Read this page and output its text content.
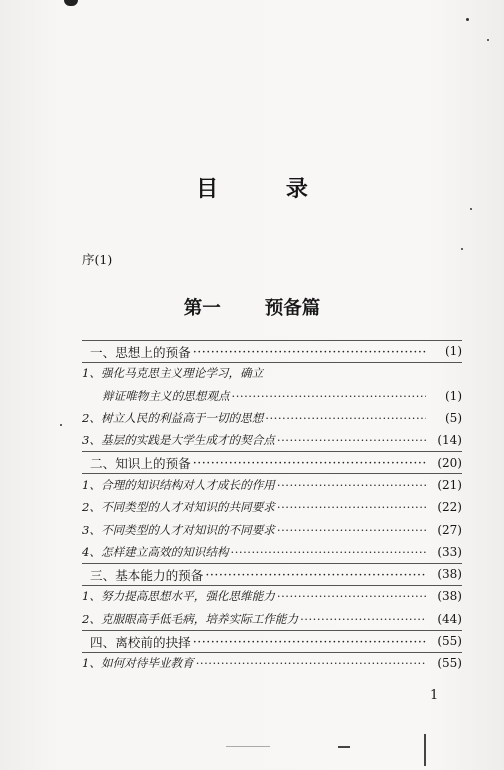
目 录
序 (1)
第一 预备篇
一、思想上的预备 ·····	(1)
1、强化马克思主义理论学习，确立
辩证唯物主义的思想观点 ·····	(1)
2、树立人民的利益高于一切的思想 ·····	(5)
3、基层的实践是大学生成才的契合点 ·····	(14)
二、知识上的预备 ·····	(20)
1、合理的知识结构对人才成长的作用 ·····	(21)
2、不同类型的人才对知识的共同要求 ·····	(22)
3、不同类型的人才对知识的不同要求 ·····	(27)
4、怎样建立高效的知识结构 ·····	(33)
三、基本能力的预备 ·····	(38)
1、努力提高思想水平，强化思维能力 ·····	(38)
2、克服眼高手低毛病，培养实际工作能力 ·····	(44)
四、离校前的抉择 ·····	(55)
1、如何对待毕业教育 ·····	(55)
1
